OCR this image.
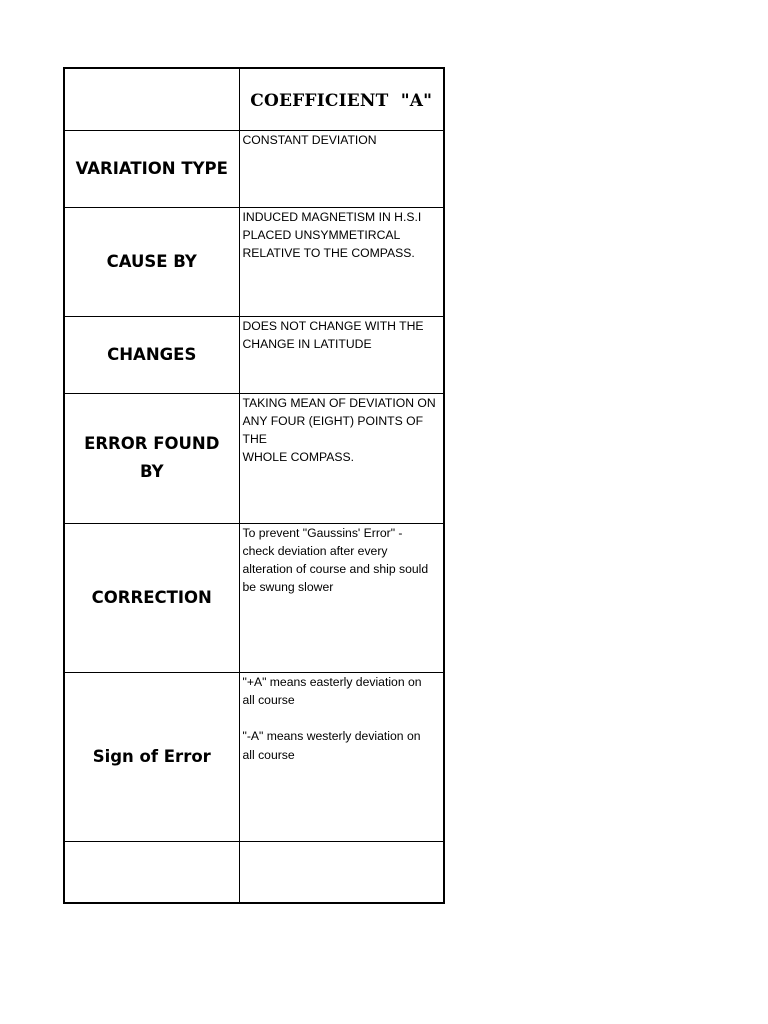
	COEFFICIENT  "A"

VARIATION TYPE	CONSTANT DEVIATION

CAUSE BY	INDUCED MAGNETISM IN H.S.I
PLACED UNSYMMETIRCAL
RELATIVE TO THE COMPASS.

CHANGES	DOES NOT CHANGE WITH THE
CHANGE IN LATITUDE

ERROR FOUND
BY	TAKING MEAN OF DEVIATION ON
ANY FOUR (EIGHT) POINTS OF THE
WHOLE COMPASS.

CORRECTION	To prevent "Gaussins' Error" -
check deviation after every
alteration of course and ship sould
be swung slower

Sign of Error	"+A" means easterly deviation on
all course

"-A" means westerly deviation on
all course
